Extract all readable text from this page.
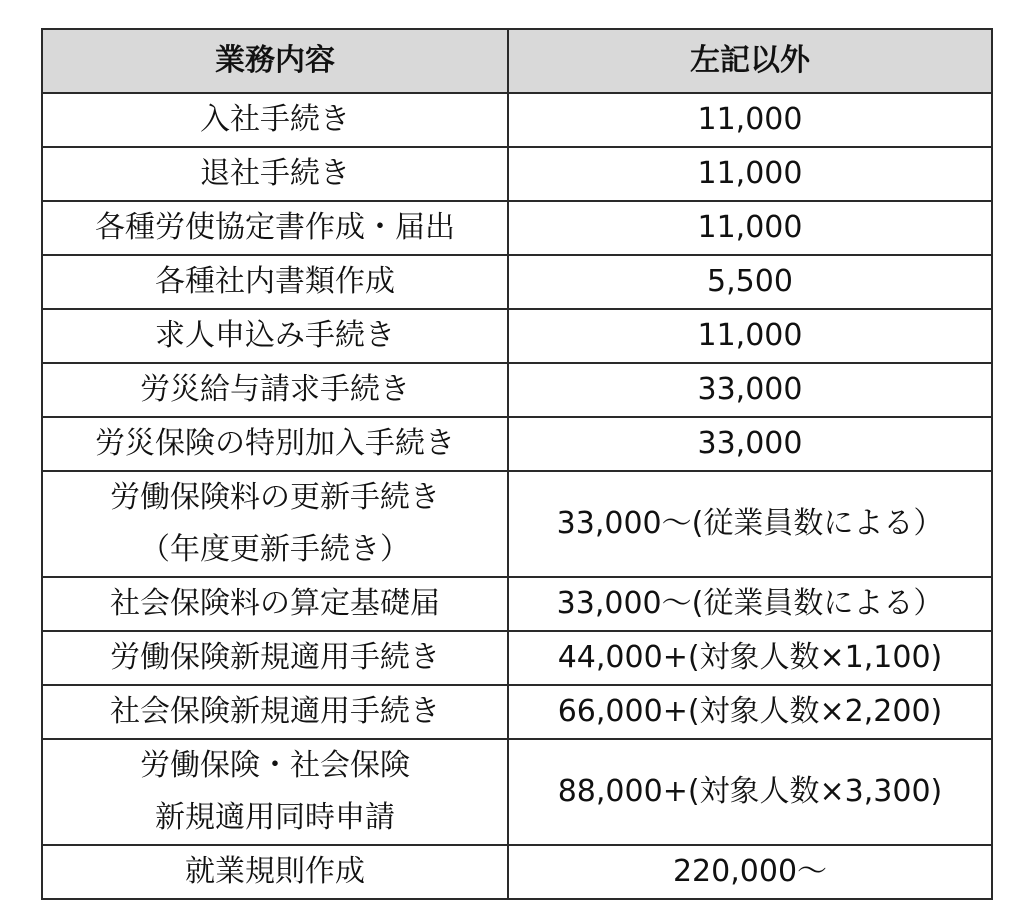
業務内容	左記以外
入社手続き	11,000
退社手続き	11,000
各種労使協定書作成・届出	11,000
各種社内書類作成	5,500
求人申込み手続き	11,000
労災給与請求手続き	33,000
労災保険の特別加入手続き	33,000

労働保険料の更新手続き
（年度更新手続き）	33,000〜(従業員数による）
社会保険料の算定基礎届	33,000〜(従業員数による）
労働保険新規適用手続き	44,000+(対象人数×1,100)
社会保険新規適用手続き	66,000+(対象人数×2,200)

労働保険・社会保険
新規適用同時申請	88,000+(対象人数×3,300)
就業規則作成	220,000〜
